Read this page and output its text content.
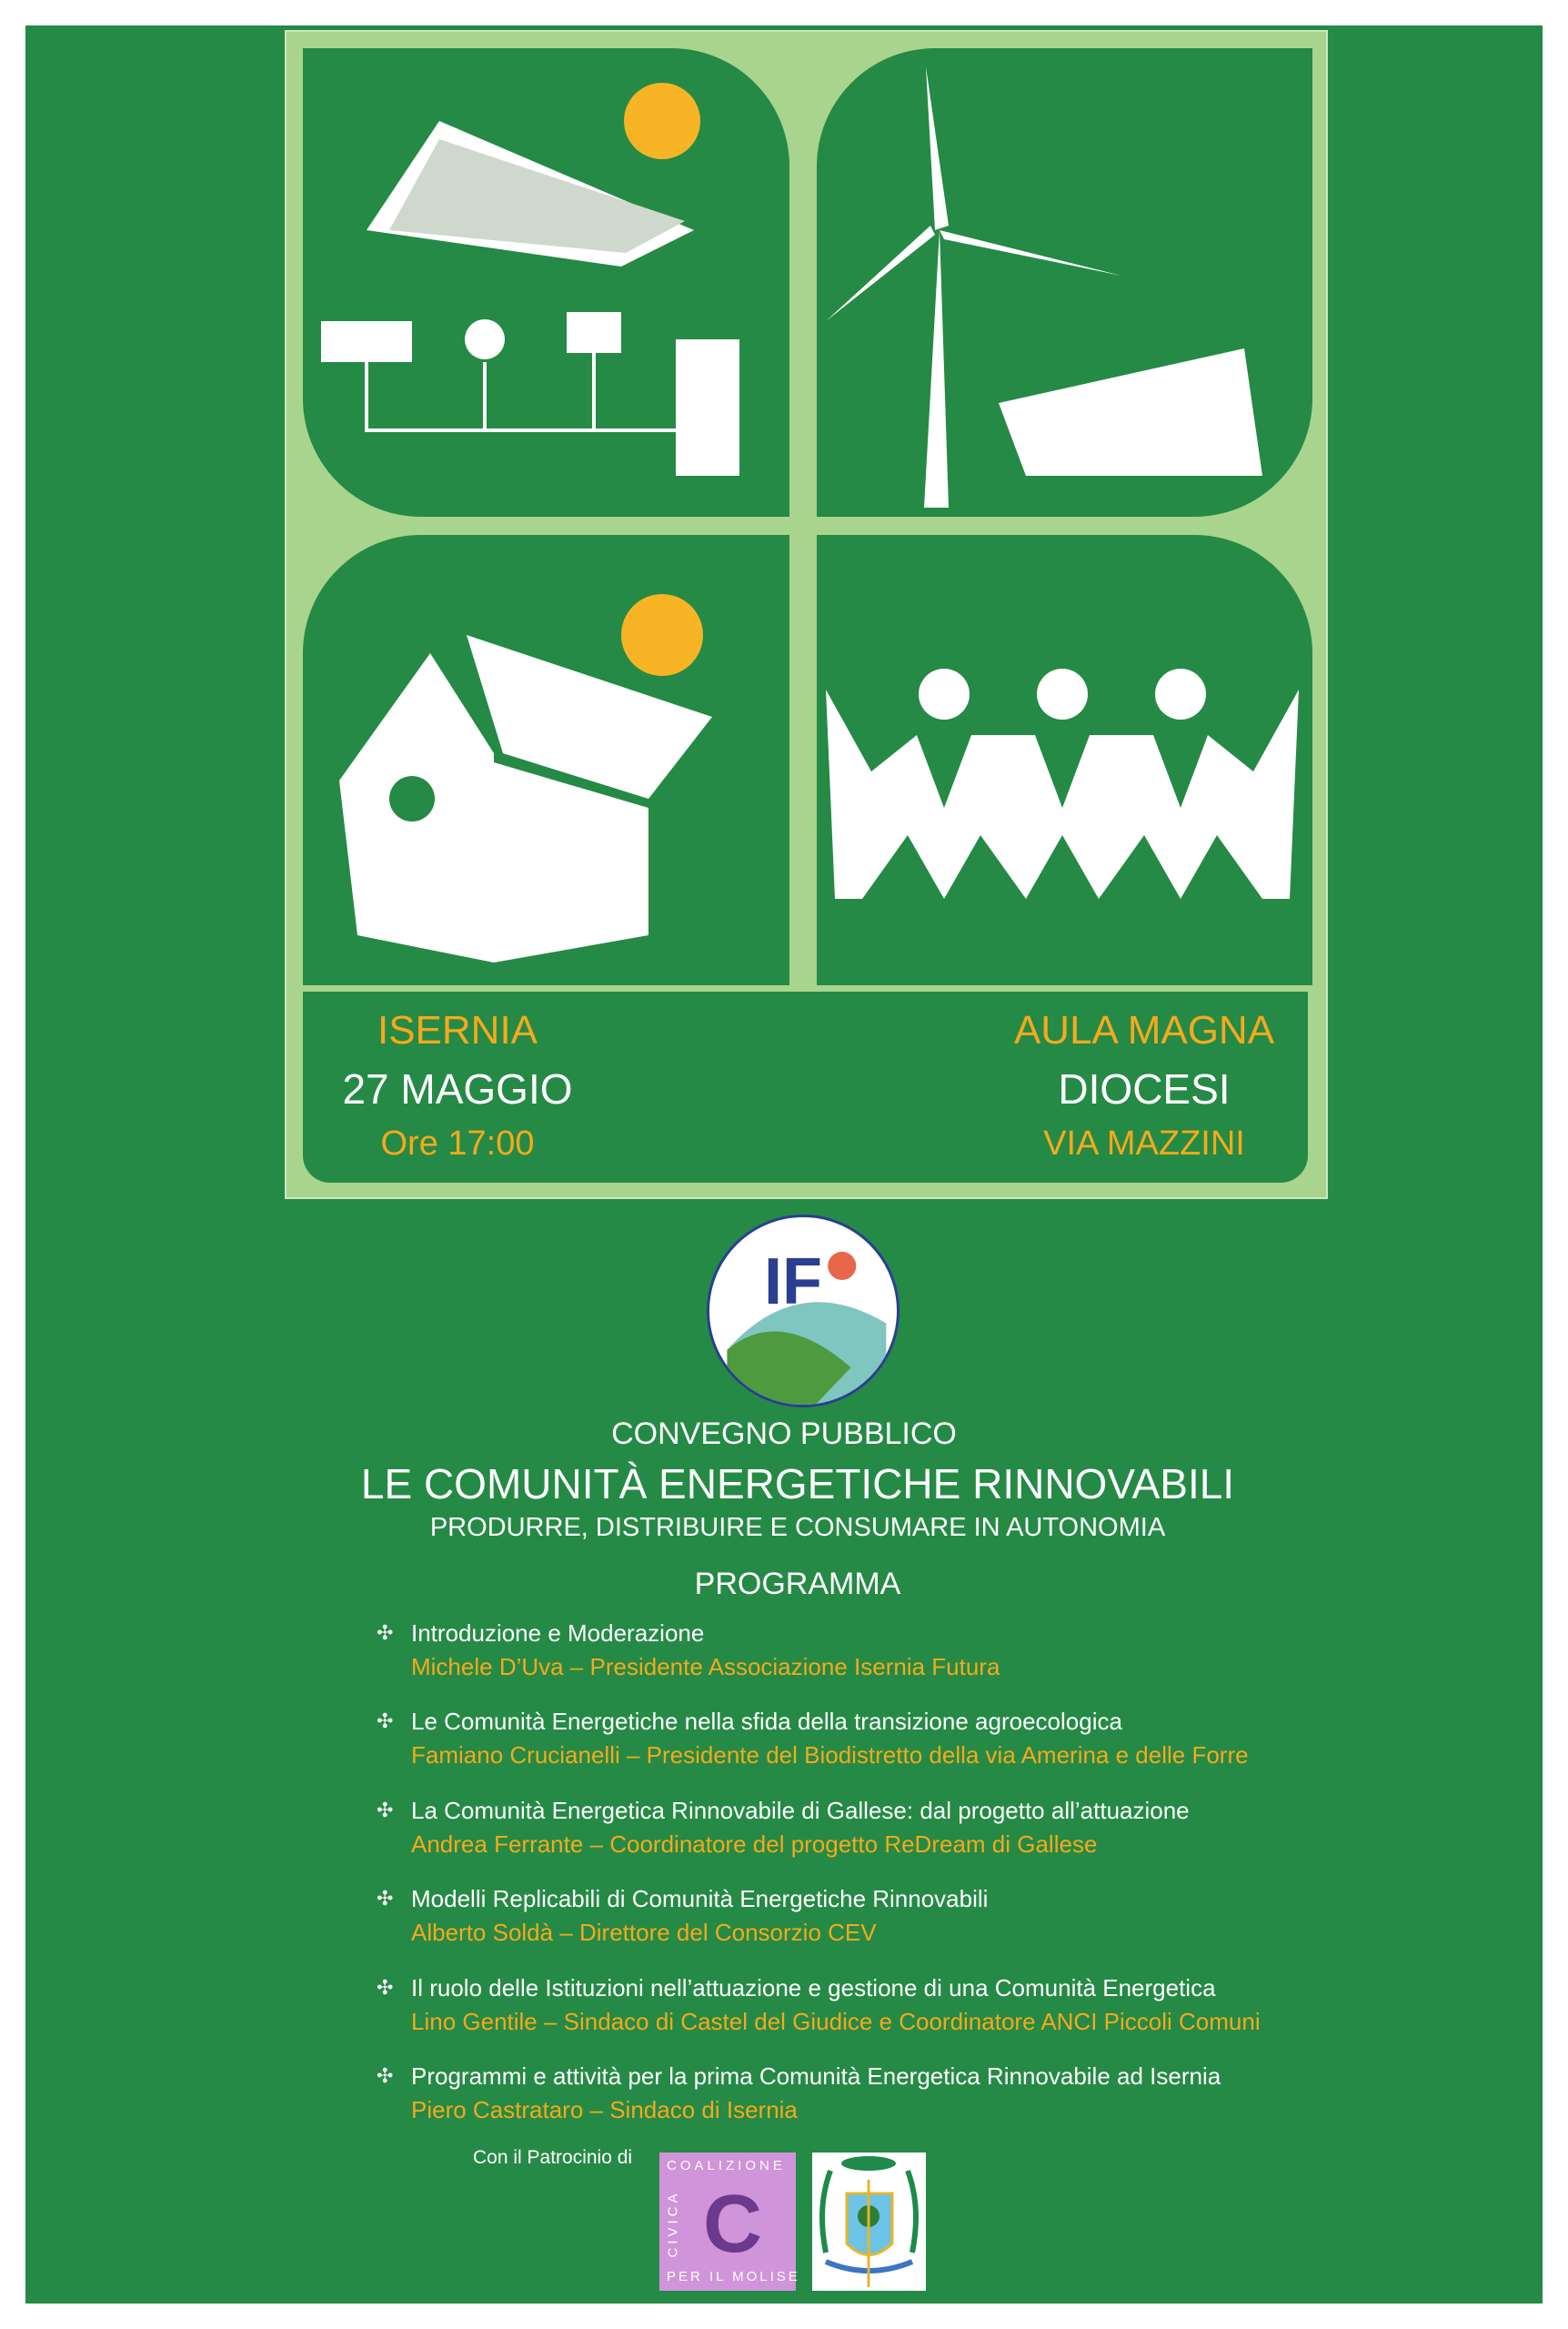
ISERNIA
27 MAGGIO
Ore 17:00
AULA MAGNA
DIOCESI
VIA MAZZINI
IF
CONVEGNO PUBBLICO
LE COMUNITÀ ENERGETICHE RINNOVABILI
PRODURRE, DISTRIBUIRE E CONSUMARE IN AUTONOMIA
PROGRAMMA
✣ Introduzione e Moderazione
Michele D’Uva – Presidente Associazione Isernia Futura
✣ Le Comunità Energetiche nella sfida della transizione agroecologica
Famiano Crucianelli – Presidente del Biodistretto della via Amerina e delle Forre
✣ La Comunità Energetica Rinnovabile di Gallese: dal progetto all’attuazione
Andrea Ferrante – Coordinatore del progetto ReDream di Gallese
✣ Modelli Replicabili di Comunità Energetiche Rinnovabili
Alberto Soldà – Direttore del Consorzio CEV
✣ Il ruolo delle Istituzioni nell’attuazione e gestione di una Comunità Energetica
Lino Gentile – Sindaco di Castel del Giudice e Coordinatore ANCI Piccoli Comuni
✣ Programmi e attività per la prima Comunità Energetica Rinnovabile ad Isernia
Piero Castrataro – Sindaco di Isernia
Con il Patrocinio di	COALIZIONE
CIVICA C
PER IL MOLISE
